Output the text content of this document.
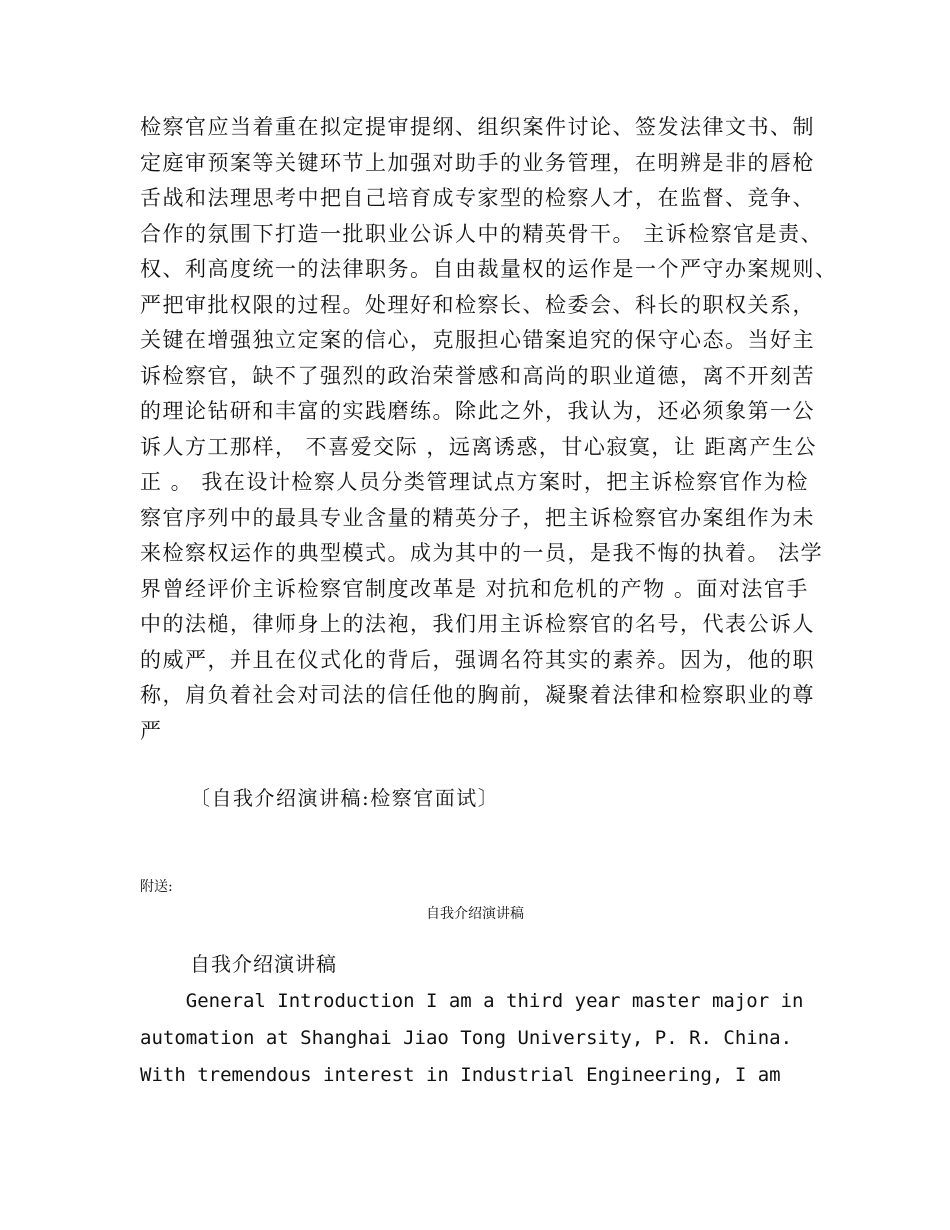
检察官应当着重在拟定提审提纲、组织案件讨论、签发法律文书、制
定庭审预案等关键环节上加强对助手的业务管理，在明辨是非的唇枪
舌战和法理思考中把自己培育成专家型的检察人才，在监督、竞争、
合作的氛围下打造一批职业公诉人中的精英骨干。 主诉检察官是责、
权、利高度统一的法律职务。自由裁量权的运作是一个严守办案规则、
严把审批权限的过程。处理好和检察长、检委会、科长的职权关系，
关键在增强独立定案的信心，克服担心错案追究的保守心态。当好主
诉检察官，缺不了强烈的政治荣誉感和高尚的职业道德，离不开刻苦
的理论钻研和丰富的实践磨练。除此之外，我认为，还必须象第一公
诉人方工那样， 不喜爱交际 ，远离诱惑，甘心寂寞，让 距离产生公
正 。 我在设计检察人员分类管理试点方案时，把主诉检察官作为检
察官序列中的最具专业含量的精英分子，把主诉检察官办案组作为未
来检察权运作的典型模式。成为其中的一员，是我不悔的执着。 法学
界曾经评价主诉检察官制度改革是 对抗和危机的产物 。面对法官手
中的法槌，律师身上的法袍，我们用主诉检察官的名号，代表公诉人
的威严，并且在仪式化的背后，强调名符其实的素养。因为，他的职
称，肩负着社会对司法的信任他的胸前，凝聚着法律和检察职业的尊
严
〔自我介绍演讲稿:检察官面试〕
附送:
自我介绍演讲稿
自我介绍演讲稿
General Introduction I am a third year master major in
automation at Shanghai Jiao Tong University, P. R. China.
With tremendous interest in Industrial Engineering, I am
